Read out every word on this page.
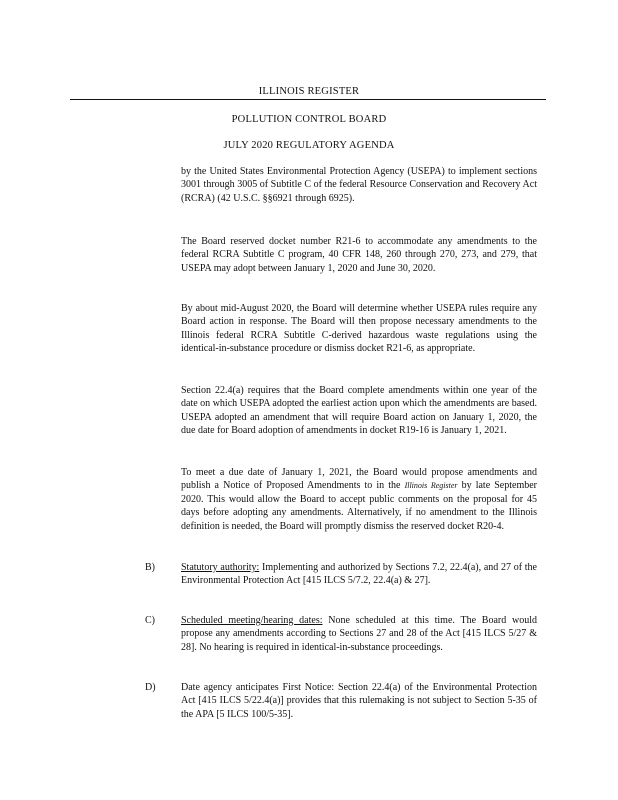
ILLINOIS REGISTER
POLLUTION CONTROL BOARD
JULY 2020 REGULATORY AGENDA
by the United States Environmental Protection Agency (USEPA) to implement sections 3001 through 3005 of Subtitle C of the federal Resource Conservation and Recovery Act (RCRA) (42 U.S.C. §§6921 through 6925).
The Board reserved docket number R21-6 to accommodate any amendments to the federal RCRA Subtitle C program, 40 CFR 148, 260 through 270, 273, and 279, that USEPA may adopt between January 1, 2020 and June 30, 2020.
By about mid-August 2020, the Board will determine whether USEPA rules require any Board action in response. The Board will then propose necessary amendments to the Illinois federal RCRA Subtitle C-derived hazardous waste regulations using the identical-in-substance procedure or dismiss docket R21-6, as appropriate.
Section 22.4(a) requires that the Board complete amendments within one year of the date on which USEPA adopted the earliest action upon which the amendments are based. USEPA adopted an amendment that will require Board action on January 1, 2020, the due date for Board adoption of amendments in docket R19-16 is January 1, 2021.
To meet a due date of January 1, 2021, the Board would propose amendments and publish a Notice of Proposed Amendments to in the Illinois Register by late September 2020. This would allow the Board to accept public comments on the proposal for 45 days before adopting any amendments. Alternatively, if no amendment to the Illinois definition is needed, the Board will promptly dismiss the reserved docket R20-4.
B)	Statutory authority: Implementing and authorized by Sections 7.2, 22.4(a), and 27 of the Environmental Protection Act [415 ILCS 5/7.2, 22.4(a) & 27].
C)	Scheduled meeting/hearing dates: None scheduled at this time. The Board would propose any amendments according to Sections 27 and 28 of the Act [415 ILCS 5/27 & 28]. No hearing is required in identical-in-substance proceedings.
D)	Date agency anticipates First Notice: Section 22.4(a) of the Environmental Protection Act [415 ILCS 5/22.4(a)] provides that this rulemaking is not subject to Section 5-35 of the APA [5 ILCS 100/5-35].
